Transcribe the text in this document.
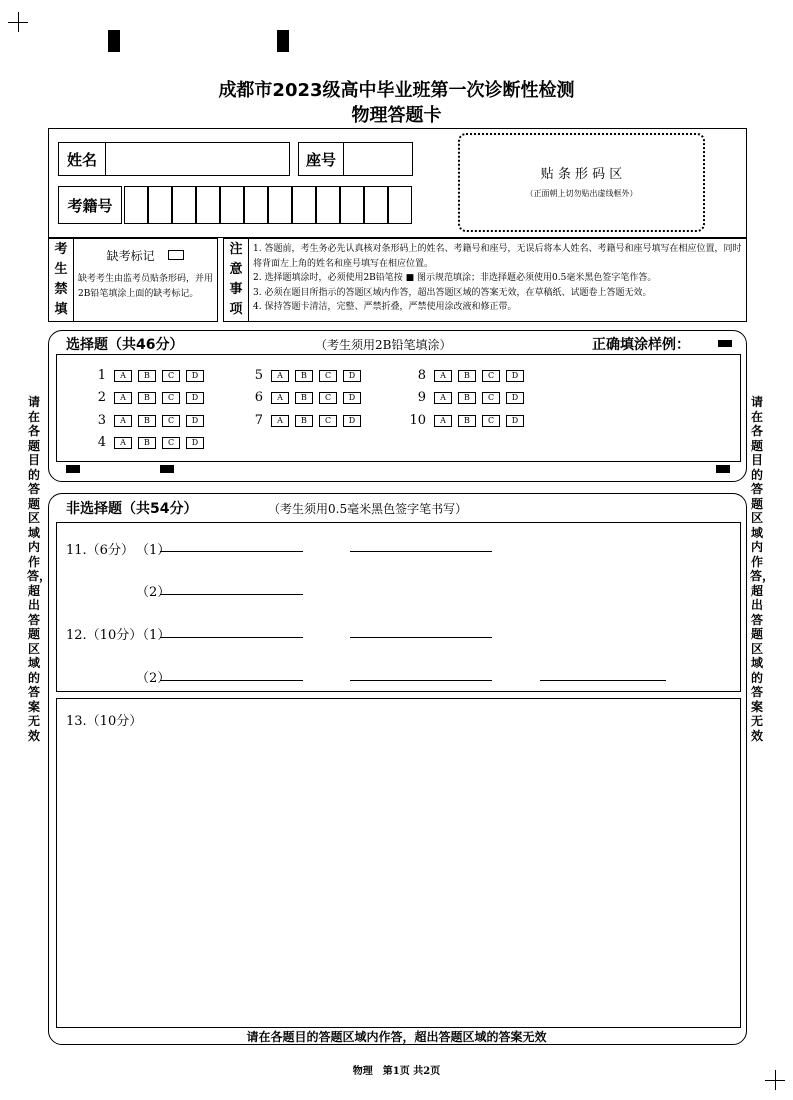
成都市2023级高中毕业班第一次诊断性检测
物理答题卡
姓名	座号
考籍号
贴 条 形 码 区
（正面朝上切勿贴出虚线框外）
考生禁填
缺考标记
缺考考生由监考员贴条形码，并用2B铅笔填涂上面的缺考标记。
注意事项
1. 答题前，考生务必先认真核对条形码上的姓名、考籍号和座号，无误后将本人姓名、考籍号和座号填写在相应位置，同时将背面左上角的姓名和座号填写在相应位置。
2. 选择题填涂时，必须使用2B铅笔按 ■ 图示规范填涂；非选择题必须使用0.5毫米黑色签字笔作答。
3. 必须在题目所指示的答题区域内作答，超出答题区域的答案无效，在草稿纸、试题卷上答题无效。
4. 保持答题卡清洁，完整、严禁折叠，严禁使用涂改液和修正带。
请在各题目的答题区域内作答，超出答题区域的答案无效
请在各题目的答题区域内作答，超出答题区域的答案无效
选择题（共46分）	（考生须用2B铅笔填涂）	正确填涂样例：
1	A	B	C	D
2	A	B	C	D
3	A	B	C	D
4	A	B	C	D
5	A	B	C	D
6	A	B	C	D
7	A	B	C	D
8	A	B	C	D
9	A	B	C	D
10	A	B	C	D
非选择题（共54分）	（考生须用0.5毫米黑色签字笔书写）
11.（6分） （1）
（2）
12.（10分）
（1）
（2）
13.（10分）
请在各题目的答题区域内作答，超出答题区域的答案无效
物理　第1页 共2页
